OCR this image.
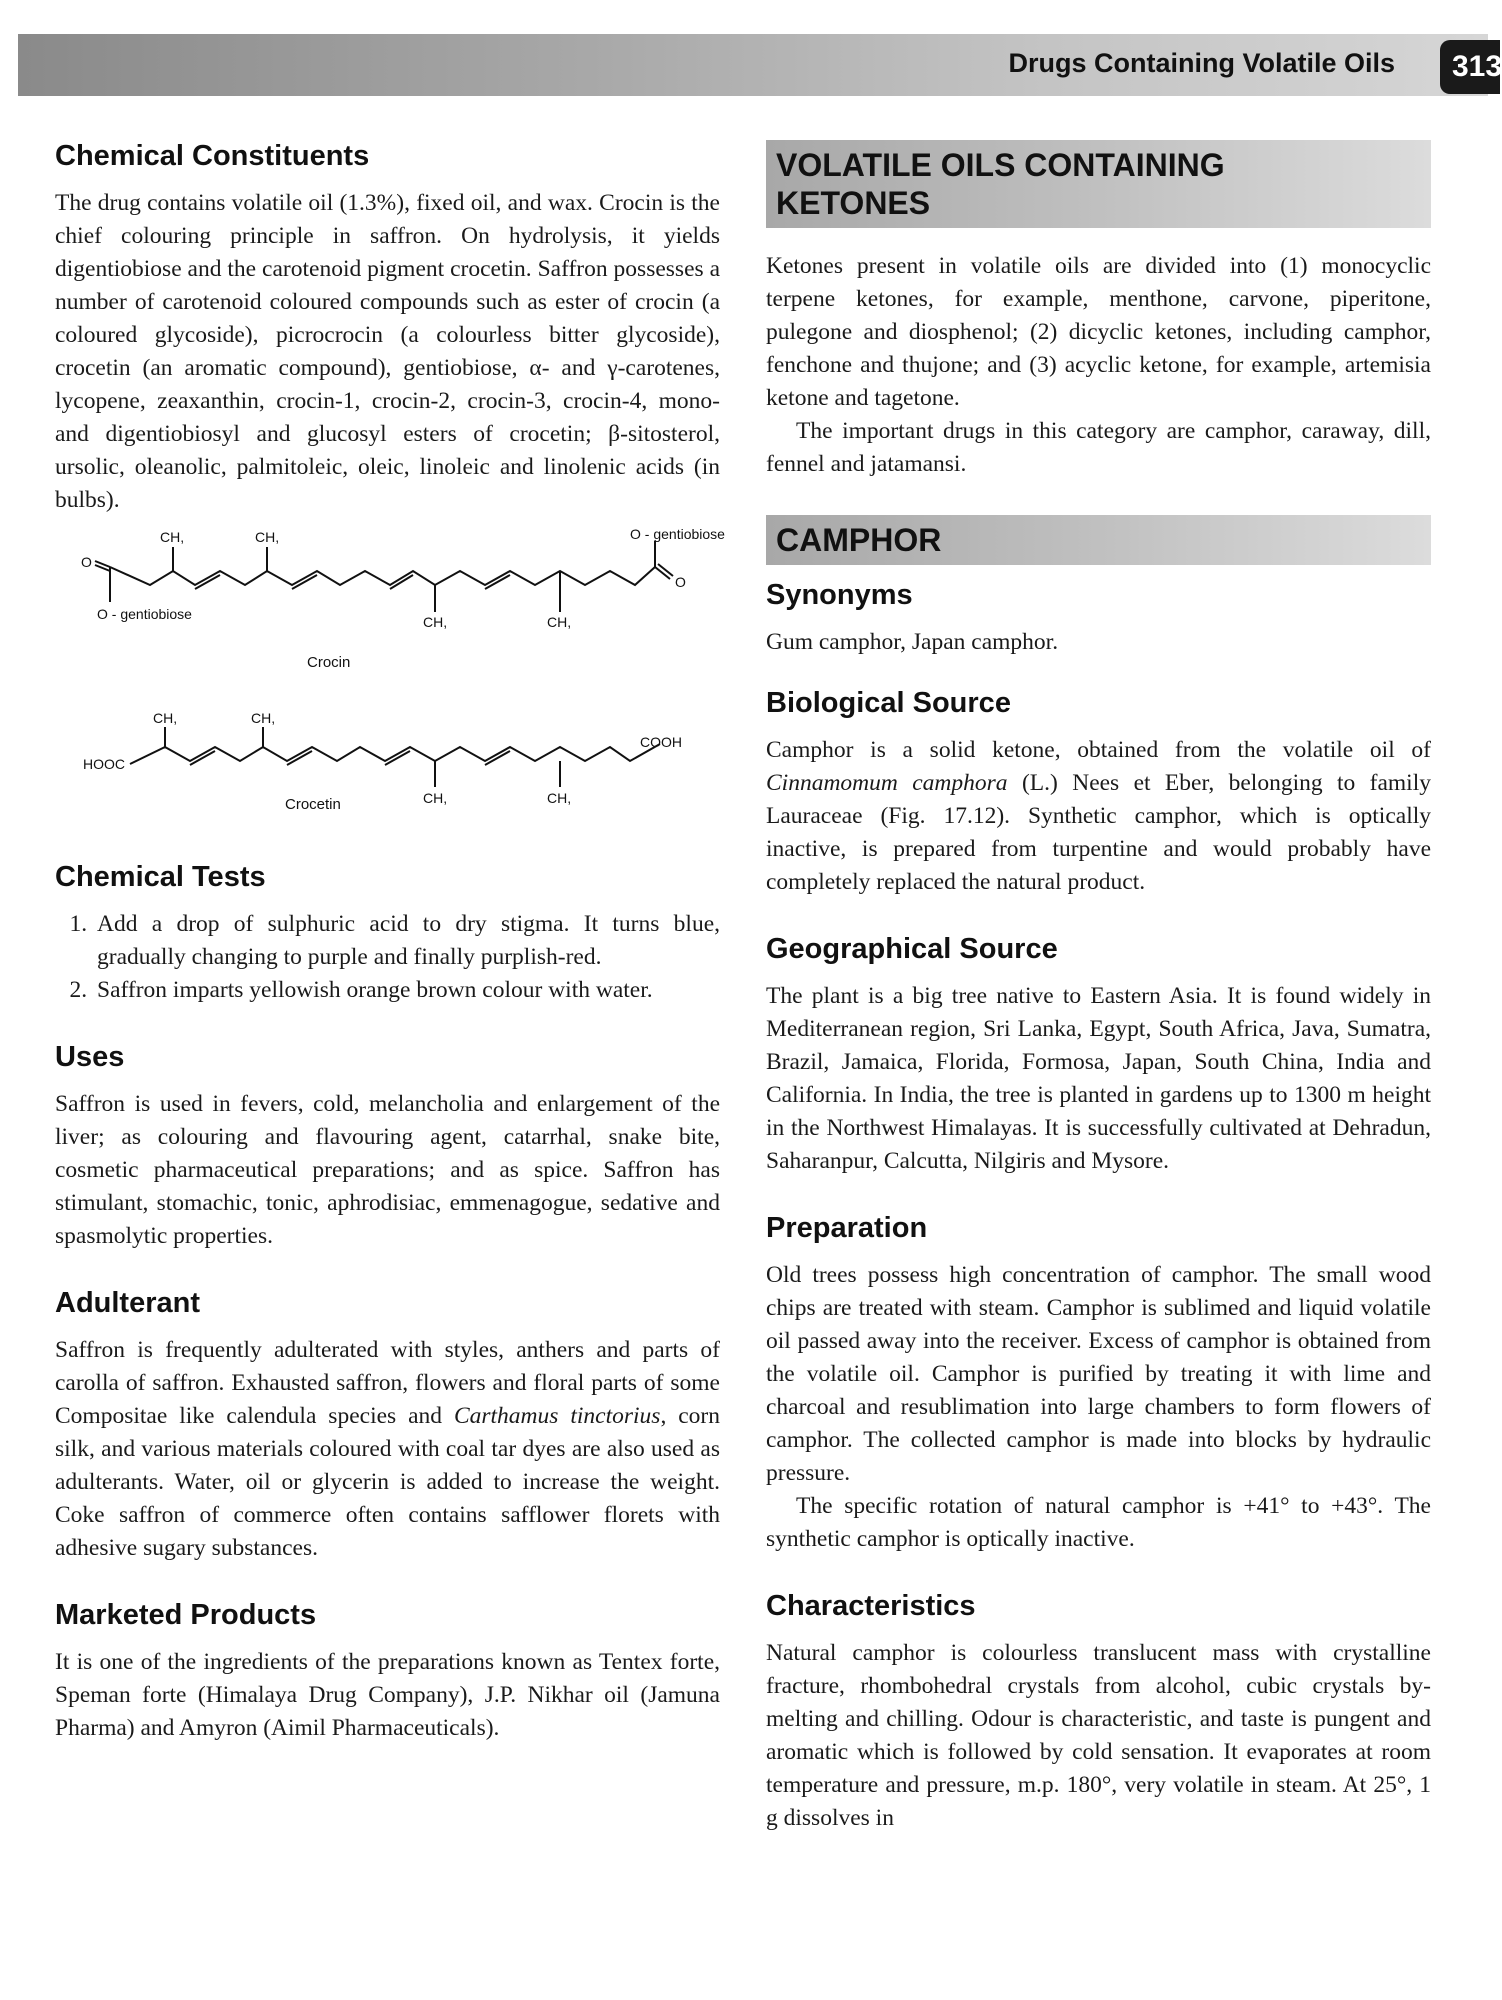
Drugs Containing Volatile Oils	313
Chemical Constituents

The drug contains volatile oil (1.3%), fixed oil, and wax. Crocin is the chief colouring principle in saffron. On hydrolysis, it yields digentiobiose and the carotenoid pigment crocetin. Saffron possesses a number of carotenoid coloured compounds such as ester of crocin (a coloured glycoside), picrocrocin (a colourless bitter glycoside), crocetin (an aromatic compound), gentiobiose, α- and γ-carotenes, lycopene, zeaxanthin, crocin-1, crocin-2, crocin-3, crocin-4, mono- and digentiobiosyl and glucosyl esters of crocetin; β-sitosterol, ursolic, oleanolic, palmitoleic, oleic, linoleic and linolenic acids (in bulbs).

CH,	CH,
CH,	CH,
O
O
O - gentiobiose
O - gentiobiose
Crocin
CH,	CH,
CH,	CH,
HOOC
COOH
Crocetin
Chemical Tests
1. Add a drop of sulphuric acid to dry stigma. It turns blue, gradually changing to purple and finally purplish-red.
2. Saffron imparts yellowish orange brown colour with water.
Uses

Saffron is used in fevers, cold, melancholia and enlargement of the liver; as colouring and flavouring agent, catarrhal, snake bite, cosmetic pharmaceutical preparations; and as spice. Saffron has stimulant, stomachic, tonic, aphrodisiac, emmenagogue, sedative and spasmolytic properties.

Adulterant

Saffron is frequently adulterated with styles, anthers and parts of carolla of saffron. Exhausted saffron, flowers and floral parts of some Compositae like calendula species and Carthamus tinctorius, corn silk, and various materials coloured with coal tar dyes are also used as adulterants. Water, oil or glycerin is added to increase the weight. Coke saffron of commerce often contains safflower florets with adhesive sugary substances.

Marketed Products

It is one of the ingredients of the preparations known as Tentex forte, Speman forte (Himalaya Drug Company), J.P. Nikhar oil (Jamuna Pharma) and Amyron (Aimil Pharmaceuticals).

VOLATILE OILS CONTAINING
KETONES

Ketones present in volatile oils are divided into (1) monocyclic terpene ketones, for example, menthone, carvone, piperitone, pulegone and diosphenol; (2) dicyclic ketones, including camphor, fenchone and thujone; and (3) acyclic ketone, for example, artemisia ketone and tagetone.

The important drugs in this category are camphor, caraway, dill, fennel and jatamansi.

CAMPHOR
Synonyms

Gum camphor, Japan camphor.

Biological Source

Camphor is a solid ketone, obtained from the volatile oil of Cinnamomum camphora (L.) Nees et Eber, belonging to family Lauraceae (Fig. 17.12). Synthetic camphor, which is optically inactive, is prepared from turpentine and would probably have completely replaced the natural product.

Geographical Source

The plant is a big tree native to Eastern Asia. It is found widely in Mediterranean region, Sri Lanka, Egypt, South Africa, Java, Sumatra, Brazil, Jamaica, Florida, Formosa, Japan, South China, India and California. In India, the tree is planted in gardens up to 1300 m height in the Northwest Himalayas. It is successfully cultivated at Dehradun, Saharanpur, Calcutta, Nilgiris and Mysore.

Preparation

Old trees possess high concentration of camphor. The small wood chips are treated with steam. Camphor is sublimed and liquid volatile oil passed away into the receiver. Excess of camphor is obtained from the volatile oil. Camphor is purified by treating it with lime and charcoal and resublimation into large chambers to form flowers of camphor. The collected camphor is made into blocks by hydraulic pressure.

The specific rotation of natural camphor is +41° to +43°. The synthetic camphor is optically inactive.

Characteristics

Natural camphor is colourless translucent mass with crystalline fracture, rhombohedral crystals from alcohol, cubic crystals by-melting and chilling. Odour is characteristic, and taste is pungent and aromatic which is followed by cold sensation. It evaporates at room temperature and pressure, m.p. 180°, very volatile in steam. At 25°, 1 g dissolves in
